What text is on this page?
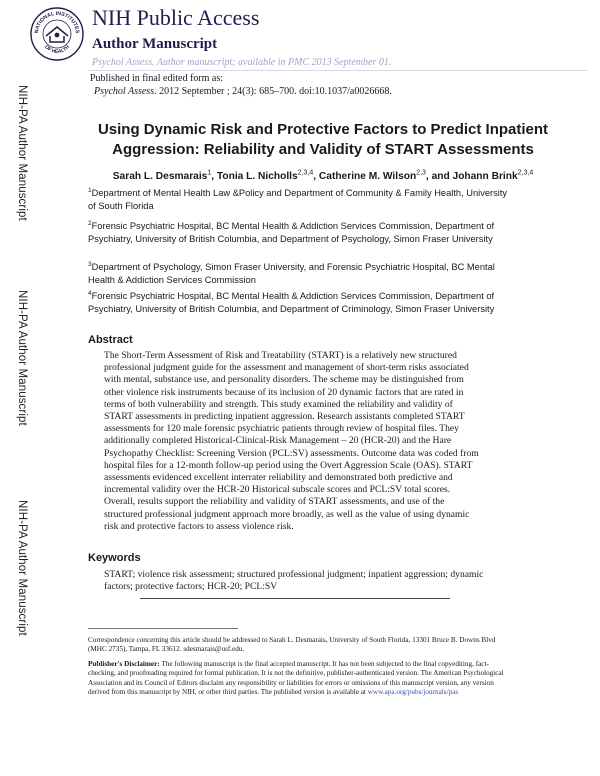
NIH-PA Author Manuscript
NIH-PA Author Manuscript
NIH-PA Author Manuscript
NATIONAL INSTITUTES
OF HEALTH
NIH Public Access
Author Manuscript
Psychol Assess. Author manuscript; available in PMC 2013 September 01.
Published in final edited form as:
Psychol Assess. 2012 September ; 24(3): 685–700. doi:10.1037/a0026668.
Using Dynamic Risk and Protective Factors to Predict Inpatient Aggression: Reliability and Validity of START Assessments
Sarah L. Desmarais$^1$, Tonia L. Nicholls$^{2,3,4}$, Catherine M. Wilson$^{2,3}$, and Johann Brink$^{2,3,4}$
$^1$Department of Mental Health Law &Policy and Department of Community & Family Health, University of South Florida
$^2$Forensic Psychiatric Hospital, BC Mental Health & Addiction Services Commission, Department of Psychiatry, University of British Columbia, and Department of Psychology, Simon Fraser University
$^3$Department of Psychology, Simon Fraser University, and Forensic Psychiatric Hospital, BC Mental Health & Addiction Services Commission
$^4$Forensic Psychiatric Hospital, BC Mental Health & Addiction Services Commission, Department of Psychiatry, University of British Columbia, and Department of Criminology, Simon Fraser University
Abstract
The Short-Term Assessment of Risk and Treatability (START) is a relatively new structured professional judgment guide for the assessment and management of short-term risks associated with mental, substance use, and personality disorders. The scheme may be distinguished from other violence risk instruments because of its inclusion of 20 dynamic factors that are rated in terms of both vulnerability and strength. This study examined the reliability and validity of START assessments in predicting inpatient aggression. Research assistants completed START assessments for 120 male forensic psychiatric patients through review of hospital files. They additionally completed Historical-Clinical-Risk Management – 20 (HCR-20) and the Hare Psychopathy Checklist: Screening Version (PCL:SV) assessments. Outcome data was coded from hospital files for a 12-month follow-up period using the Overt Aggression Scale (OAS). START assessments evidenced excellent interrater reliability and demonstrated both predictive and incremental validity over the HCR-20 Historical subscale scores and PCL:SV total scores. Overall, results support the reliability and validity of START assessments, and use of the structured professional judgment approach more broadly, as well as the value of using dynamic risk and protective factors to assess violence risk.
Keywords
START; violence risk assessment; structured professional judgment; inpatient aggression; dynamic factors; protective factors; HCR-20; PCL:SV
Correspondence concerning this article should be addressed to Sarah L. Desmarais, University of South Florida, 13301 Bruce B. Downs Blvd (MHC 2735), Tampa, FL 33612. sdesmarais@usf.edu.
Publisher's Disclaimer: The following manuscript is the final accepted manuscript. It has not been subjected to the final copyediting, fact-checking, and proofreading required for formal publication. It is not the definitive, publisher-authenticated version. The American Psychological Association and its Council of Editors disclaim any responsibility or liabilities for errors or omissions of this manuscript version, any version derived from this manuscript by NIH, or other third parties. The published version is available at www.apa.org/pubs/journals/pas
